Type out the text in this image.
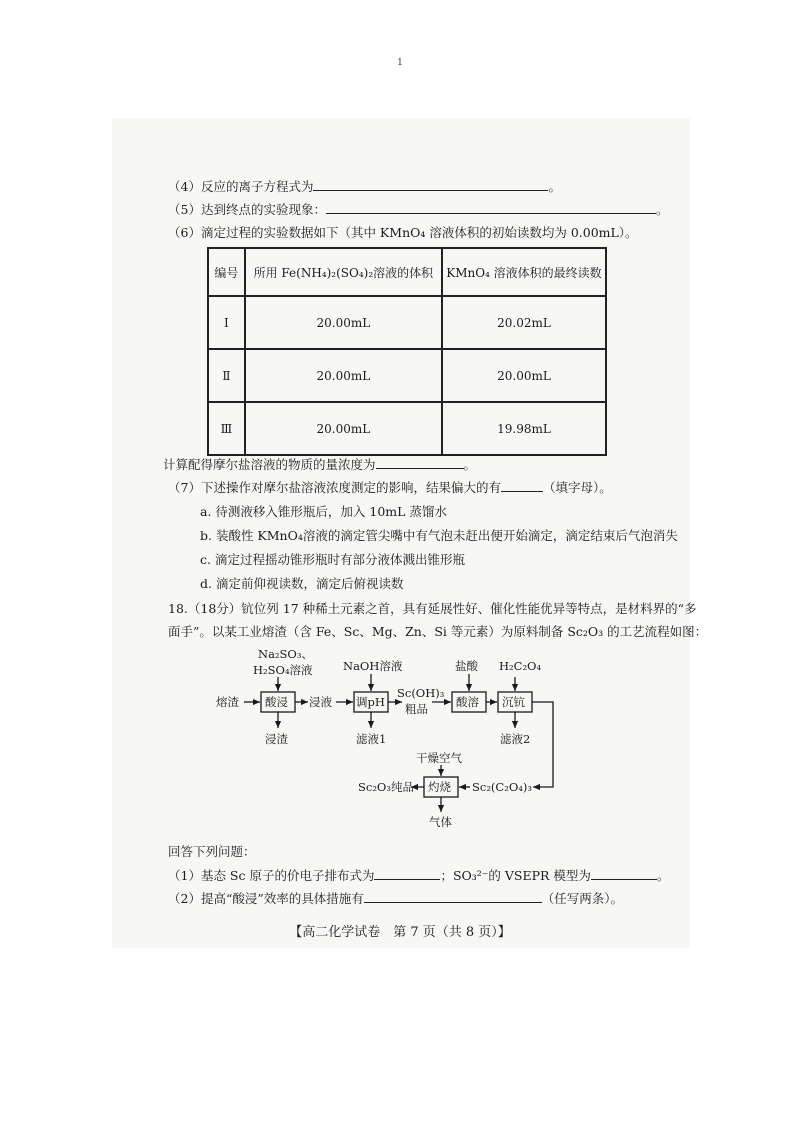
1
（4）反应的离子方程式为	。
（5）达到终点的实验现象：	。
（6）滴定过程的实验数据如下（其中 KMnO₄ 溶液体积的初始读数均为 0.00mL）。
编号	所用 Fe(NH₄)₂(SO₄)₂溶液的体积	KMnO₄ 溶液体积的最终读数
Ⅰ	20.00mL	20.02mL
Ⅱ	20.00mL	20.00mL
Ⅲ	20.00mL	19.98mL
计算配得摩尔盐溶液的物质的量浓度为	。
（7）下述操作对摩尔盐溶液浓度测定的影响，结果偏大的有	（填字母）。
a. 待测液移入锥形瓶后，加入 10mL 蒸馏水
b. 装酸性 KMnO₄溶液的滴定管尖嘴中有气泡未赶出便开始滴定，滴定结束后气泡消失
c. 滴定过程摇动锥形瓶时有部分液体溅出锥形瓶
d. 滴定前仰视读数，滴定后俯视读数
18.（18分）钪位列 17 种稀土元素之首，具有延展性好、催化性能优异等特点，是材料界的“多
面手”。以某工业熔渣（含 Fe、Sc、Mg、Zn、Si 等元素）为原料制备 Sc₂O₃ 的工艺流程如图：
Na₂SO₃、
H₂SO₄溶液	NaOH溶液	盐酸 H₂C₂O₄
熔渣 酸浸 浸液 调pH
Sc(OH)₃
粗品 酸溶 沉钪
浸渣	滤液1	滤液2
干燥空气
灼烧
Sc₂O₃纯品	Sc₂(C₂O₄)₃
气体
回答下列问题：
（1）基态 Sc 原子的价电子排布式为	；SO₃²⁻的 VSEPR 模型为	。
（2）提高“酸浸”效率的具体措施有	（任写两条）。
【高二化学试卷　第 7 页（共 8 页）】
